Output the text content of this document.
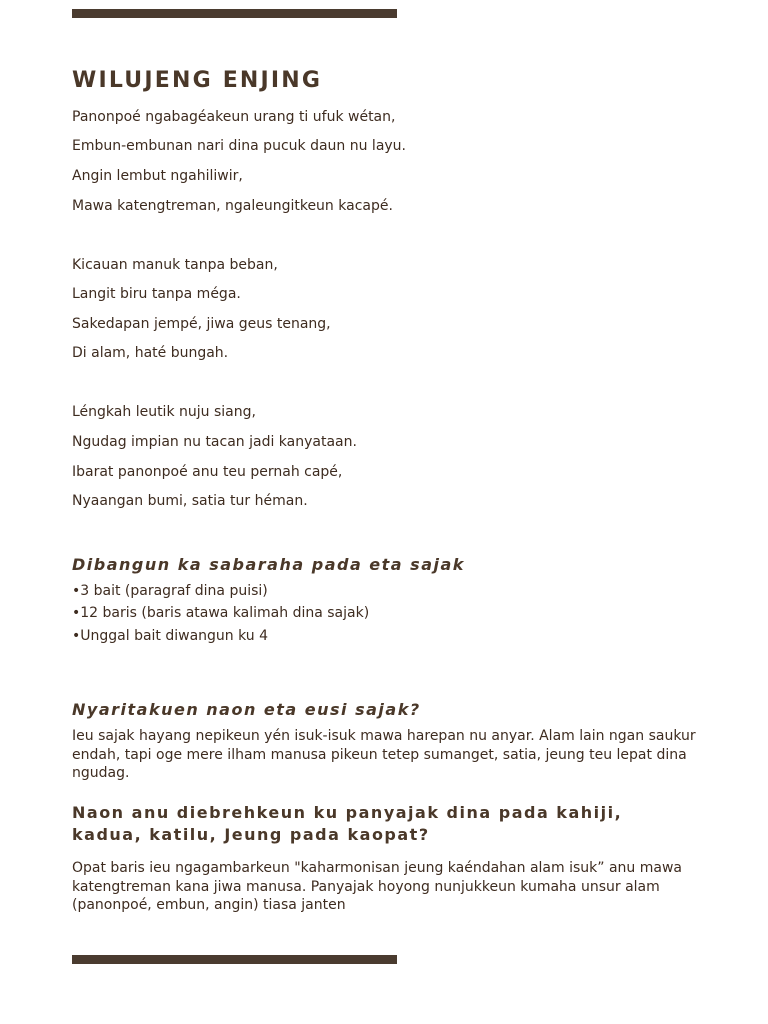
WILUJENG ENJING

Panonpoé ngabagéakeun urang ti ufuk wétan,

Embun-embunan nari dina pucuk daun nu layu.

Angin lembut ngahiliwir,

Mawa katengtreman, ngaleungitkeun kacapé.

Kicauan manuk tanpa beban,

Langit biru tanpa méga.

Sakedapan jempé, jiwa geus tenang,

Di alam, haté bungah.

Léngkah leutik nuju siang,

Ngudag impian nu tacan jadi kanyataan.

Ibarat panonpoé anu teu pernah capé,

Nyaangan bumi, satia tur héman.

Dibangun ka sabaraha pada eta sajak

•3 bait (paragraf dina puisi)

•12 baris (baris atawa kalimah dina sajak)

•Unggal bait diwangun ku 4

Nyaritakuen naon eta eusi sajak?

Ieu sajak hayang nepikeun yén isuk-isuk mawa harepan nu anyar. Alam lain ngan saukur endah, tapi oge mere ilham manusa pikeun tetep sumanget, satia, jeung teu lepat dina ngudag.

Naon anu diebrehkeun ku panyajak dina pada kahiji, kadua, katilu, Jeung pada kaopat?

Opat baris ieu ngagambarkeun "kaharmonisan jeung kaéndahan alam isuk” anu mawa katengtreman kana jiwa manusa. Panyajak hoyong nunjukkeun kumaha unsur alam (panonpoé, embun, angin) tiasa janten
